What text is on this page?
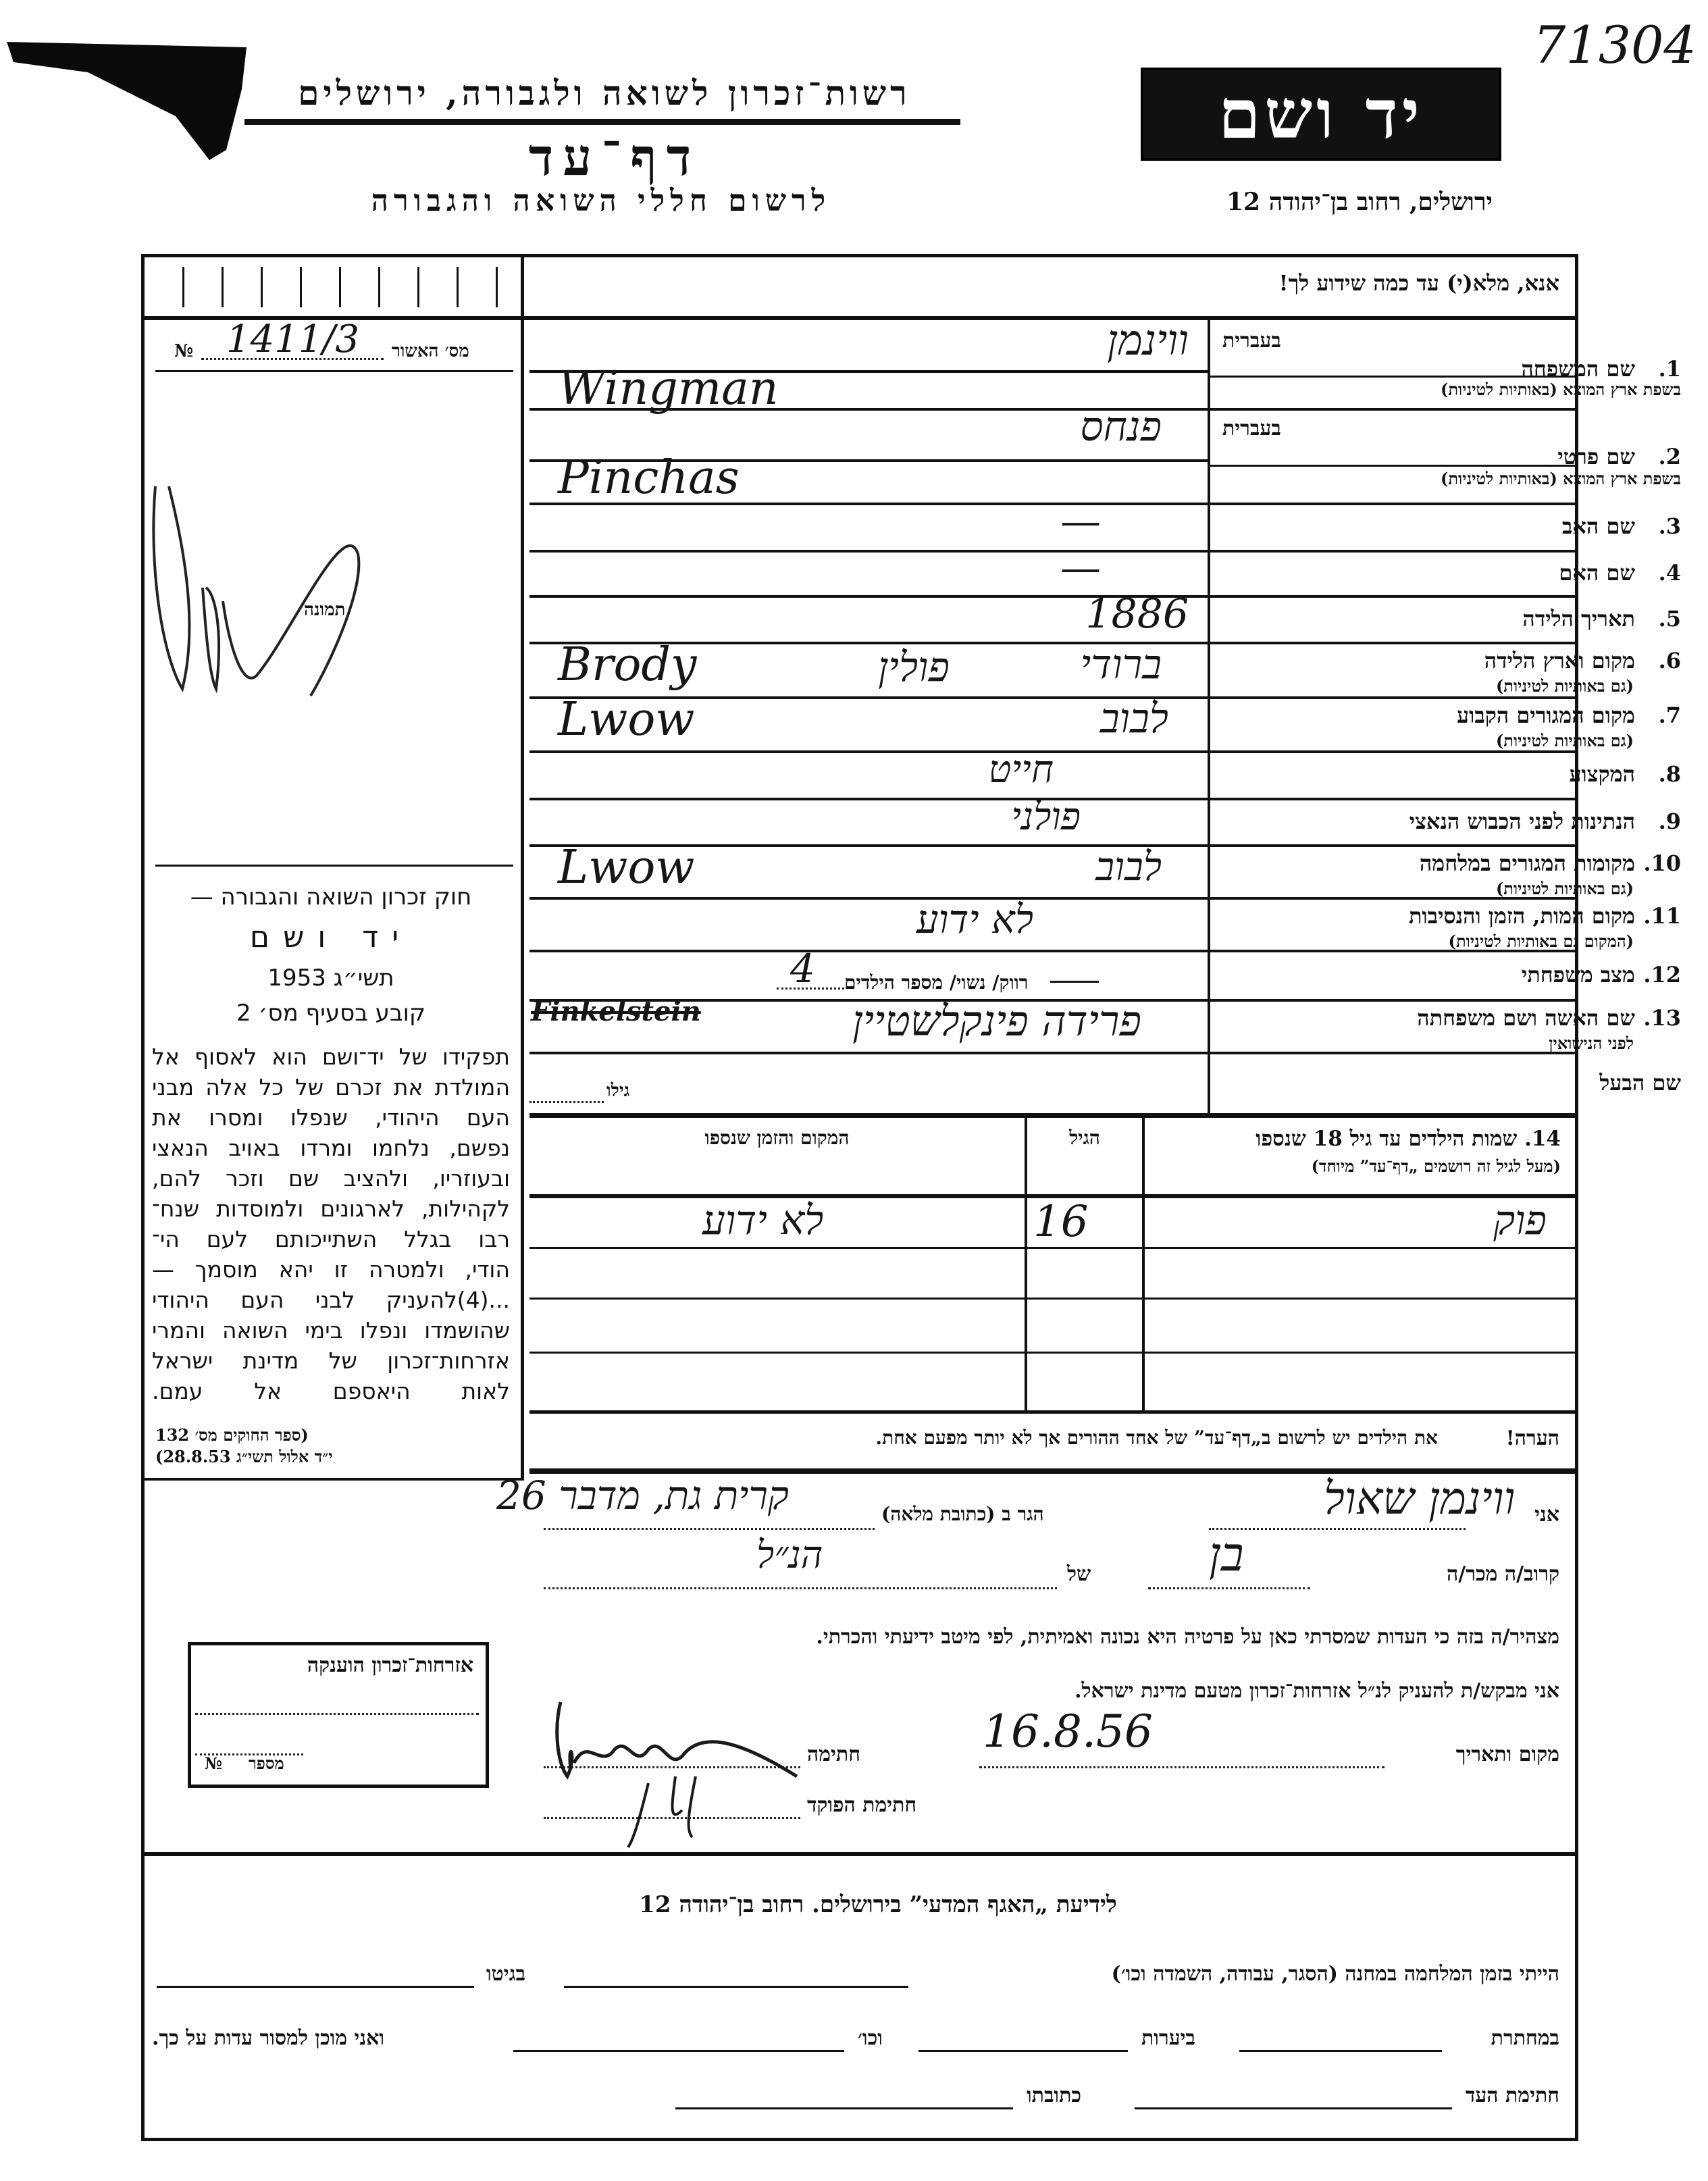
71304
רשות־זכרון לשואה ולגבורה, ירושלים
דף־עד
לרשום חללי השואה והגבורה
יד ושם
ירושלים, רחוב בן־יהודה 12
אנא, מלא(י) עד כמה שידוע לך!
מס׳ האשור
№ 1411/3
תמונה
חוק זכרון השואה והגבורה —
יד ושם
תשי״ג 1953
קובע בסעיף מס׳ 2
תפקידו של יד־ושם הוא לאסוף אל
המולדת את זכרם של כל אלה מבני
העם היהודי, שנפלו ומסרו את
נפשם, נלחמו ומרדו באויב הנאצי
ובעוזריו, ולהציב שם וזכר להם,
לקהילות, לארגונים ולמוסדות שנח־
רבו בגלל השתייכותם לעם הי־
הודי, ולמטרה זו יהא מוסמך —
...(4)להעניק לבני העם היהודי
שהושמדו ונפלו בימי השואה והמרי
אזרחות־זכרון של מדינת ישראל
לאות היאספם אל עמם.
(ספר החוקים מס׳ 132
י״ד אלול תשי״ג 28.8.53)
בעברית
1.
שם המשפחה
בשפת ארץ המוצא (באותיות לטיניות)
ווינמן
Wingman
בעברית
2.
שם פרטי
בשפת ארץ המוצא (באותיות לטיניות)
פנחס
Pinchas
3.
שם האב
—
4.
שם האם
—
5.
תאריך הלידה
1886
6.
מקום וארץ הלידה
(גם באותיות לטיניות)
ברודי
פולין
Brody
7.
מקום המגורים הקבוע
(גם באותיות לטיניות)
לבוב
Lwow
8.
המקצוע
חייט
9.
הנתינות לפני הכבוש הנאצי
פולני
10.
מקומות המגורים במלחמה
(גם באותיות לטיניות)
לבוב
Lwow
11.
מקום המות, הזמן והנסיבות
(המקום גם באותיות לטיניות)
לא ידוע
12.
מצב משפחתי
13.
שם האשה ושם משפחתה
לפני הנישואין
פרידה פינקלשטיין
Finkelstein
שם הבעל
רווק/ נשוי/ מספר הילדים
4
גילו
14. שמות הילדים עד גיל 18 שנספו
(מעל לגיל זה רושמים „דף־עד” מיוחד)
הגיל
המקום והזמן שנספו
פוק
16
לא ידוע
הערה!
את הילדים יש לרשום ב„דף־עד” של אחד ההורים אך לא יותר מפעם אחת.
אני
ווינמן שאול
הגר ב (כתובת מלאה)
קרית גת, מדבר 26
קרוב/ה מכר/ה
בן
של
הנ״ל
מצהיר/ה בזה כי העדות שמסרתי כאן על פרטיה היא נכונה ואמיתית, לפי מיטב ידיעתי והכרתי.
אני מבקש/ת להעניק לנ״ל אזרחות־זכרון מטעם מדינת ישראל.
מקום ותאריך
16.8.56
חתימה
חתימת הפוקד
אזרחות־זכרון הוענקה
מספר
№
לידיעת „האגף המדעי” בירושלים. רחוב בן־יהודה 12
הייתי בזמן המלחמה במחנה (הסגר, עבודה, השמדה וכו׳)
בגיטו
במחתרת
ביערות
וכו׳
ואני מוכן למסור עדות על כך.
חתימת העד
כתובתו
